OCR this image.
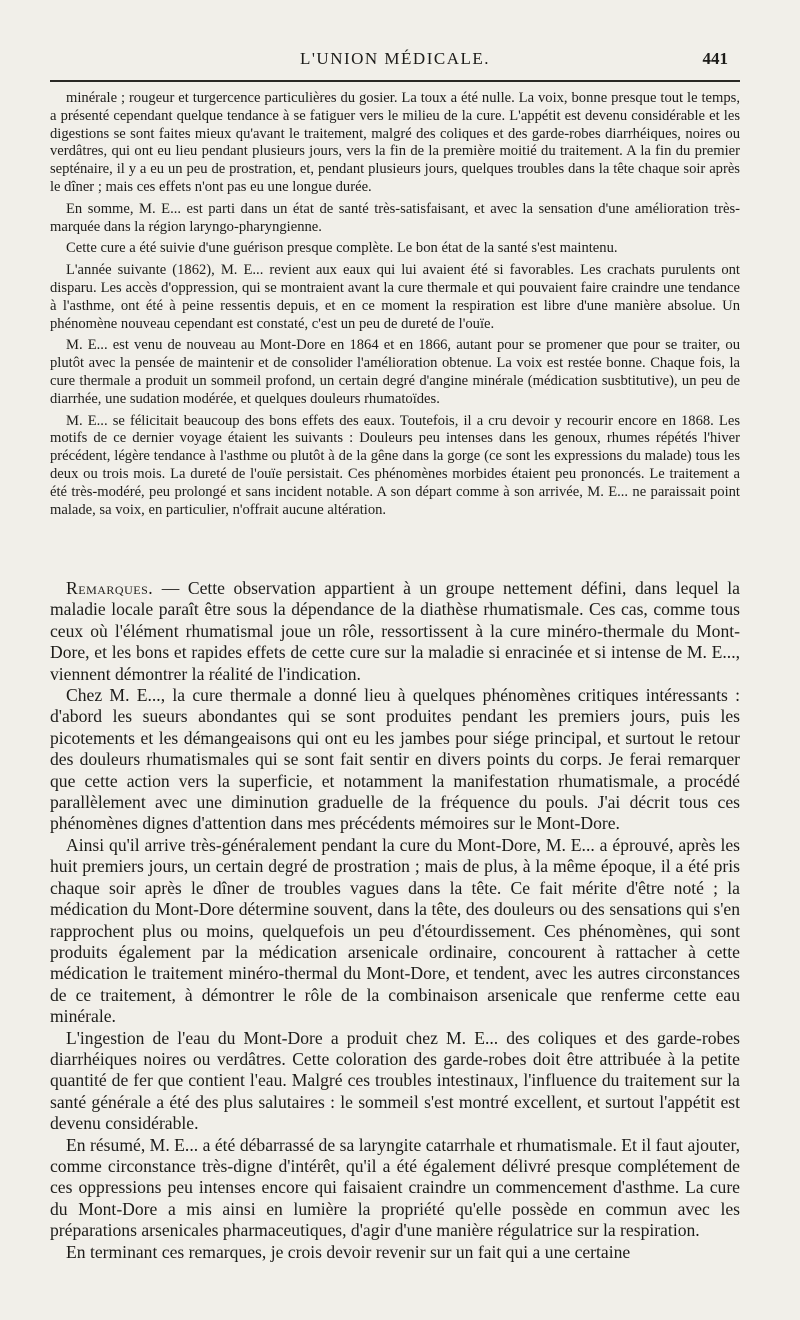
L'UNION MÉDICALE.	441

minérale ; rougeur et turgercence particulières du gosier. La toux a été nulle. La voix, bonne presque tout le temps, a présenté cependant quelque tendance à se fatiguer vers le milieu de la cure. L'appétit est devenu considérable et les digestions se sont faites mieux qu'avant le traitement, malgré des coliques et des garde-robes diarrhéiques, noires ou verdâtres, qui ont eu lieu pendant plusieurs jours, vers la fin de la première moitié du traitement. A la fin du premier septénaire, il y a eu un peu de prostration, et, pendant plusieurs jours, quelques troubles dans la tête chaque soir après le dîner ; mais ces effets n'ont pas eu une longue durée.

En somme, M. E... est parti dans un état de santé très-satisfaisant, et avec la sensation d'une amélioration très-marquée dans la région laryngo-pharyngienne.

Cette cure a été suivie d'une guérison presque complète. Le bon état de la santé s'est maintenu.

L'année suivante (1862), M. E... revient aux eaux qui lui avaient été si favorables. Les crachats purulents ont disparu. Les accès d'oppression, qui se montraient avant la cure thermale et qui pouvaient faire craindre une tendance à l'asthme, ont été à peine ressentis depuis, et en ce moment la respiration est libre d'une manière absolue. Un phénomène nouveau cependant est constaté, c'est un peu de dureté de l'ouïe.

M. E... est venu de nouveau au Mont-Dore en 1864 et en 1866, autant pour se promener que pour se traiter, ou plutôt avec la pensée de maintenir et de consolider l'amélioration obtenue. La voix est restée bonne. Chaque fois, la cure thermale a produit un sommeil profond, un certain degré d'angine minérale (médication susbtitutive), un peu de diarrhée, une sudation modérée, et quelques douleurs rhumatoïdes.

M. E... se félicitait beaucoup des bons effets des eaux. Toutefois, il a cru devoir y recourir encore en 1868. Les motifs de ce dernier voyage étaient les suivants : Douleurs peu intenses dans les genoux, rhumes répétés l'hiver précédent, légère tendance à l'asthme ou plutôt à de la gêne dans la gorge (ce sont les expressions du malade) tous les deux ou trois mois. La dureté de l'ouïe persistait. Ces phénomènes morbides étaient peu prononcés. Le traitement a été très-modéré, peu prolongé et sans incident notable. A son départ comme à son arrivée, M. E... ne paraissait point malade, sa voix, en particulier, n'offrait aucune altération.

Remarques. — Cette observation appartient à un groupe nettement défini, dans lequel la maladie locale paraît être sous la dépendance de la diathèse rhumatismale. Ces cas, comme tous ceux où l'élément rhumatismal joue un rôle, ressortissent à la cure minéro-thermale du Mont-Dore, et les bons et rapides effets de cette cure sur la maladie si enracinée et si intense de M. E..., viennent démontrer la réalité de l'indication.

Chez M. E..., la cure thermale a donné lieu à quelques phénomènes critiques intéressants : d'abord les sueurs abondantes qui se sont produites pendant les premiers jours, puis les picotements et les démangeaisons qui ont eu les jambes pour siége principal, et surtout le retour des douleurs rhumatismales qui se sont fait sentir en divers points du corps. Je ferai remarquer que cette action vers la superficie, et notamment la manifestation rhumatismale, a procédé parallèlement avec une diminution graduelle de la fréquence du pouls. J'ai décrit tous ces phénomènes dignes d'attention dans mes précédents mémoires sur le Mont-Dore.

Ainsi qu'il arrive très-généralement pendant la cure du Mont-Dore, M. E... a éprouvé, après les huit premiers jours, un certain degré de prostration ; mais de plus, à la même époque, il a été pris chaque soir après le dîner de troubles vagues dans la tête. Ce fait mérite d'être noté ; la médication du Mont-Dore détermine souvent, dans la tête, des douleurs ou des sensations qui s'en rapprochent plus ou moins, quelquefois un peu d'étourdissement. Ces phénomènes, qui sont produits également par la médication arsenicale ordinaire, concourent à rattacher à cette médication le traitement minéro-thermal du Mont-Dore, et tendent, avec les autres circonstances de ce traitement, à démontrer le rôle de la combinaison arsenicale que renferme cette eau minérale.

L'ingestion de l'eau du Mont-Dore a produit chez M. E... des coliques et des garde-robes diarrhéiques noires ou verdâtres. Cette coloration des garde-robes doit être attribuée à la petite quantité de fer que contient l'eau. Malgré ces troubles intestinaux, l'influence du traitement sur la santé générale a été des plus salutaires : le sommeil s'est montré excellent, et surtout l'appétit est devenu considérable.

En résumé, M. E... a été débarrassé de sa laryngite catarrhale et rhumatismale. Et il faut ajouter, comme circonstance très-digne d'intérêt, qu'il a été également délivré presque complétement de ces oppressions peu intenses encore qui faisaient craindre un commencement d'asthme. La cure du Mont-Dore a mis ainsi en lumière la propriété qu'elle possède en commun avec les préparations arsenicales pharmaceutiques, d'agir d'une manière régulatrice sur la respiration.

En terminant ces remarques, je crois devoir revenir sur un fait qui a une certaine
